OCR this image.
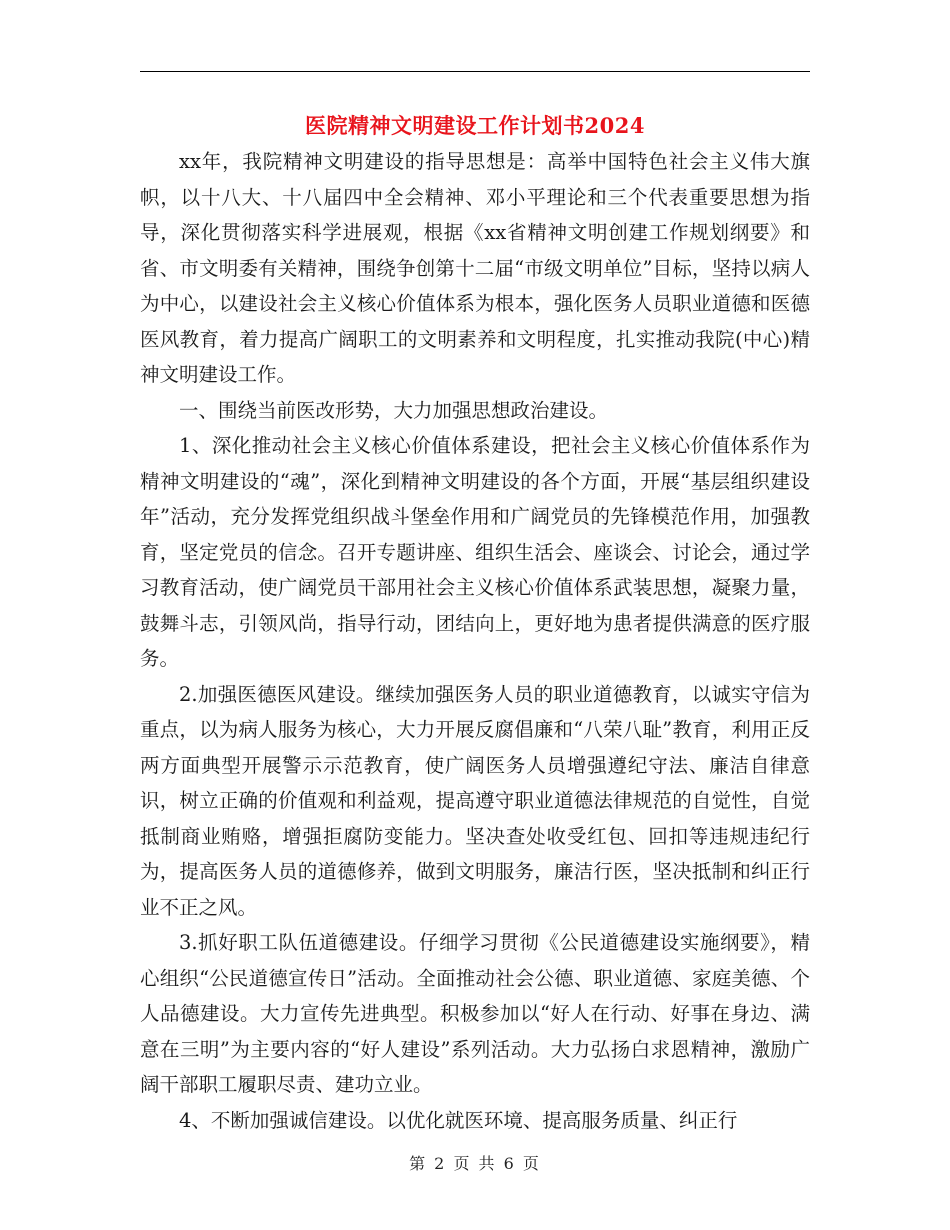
医院精神文明建设工作计划书2024

xx年，我院精神文明建设的指导思想是：高举中国特色社会主义伟大旗帜，以十八大、十八届四中全会精神、邓小平理论和三个代表重要思想为指导，深化贯彻落实科学进展观，根据《xx省精神文明创建工作规划纲要》和省、市文明委有关精神，围绕争创第十二届“市级文明单位”目标，坚持以病人为中心，以建设社会主义核心价值体系为根本，强化医务人员职业道德和医德医风教育，着力提高广阔职工的文明素养和文明程度，扎实推动我院(中心)精神文明建设工作。

一、围绕当前医改形势，大力加强思想政治建设。

1、深化推动社会主义核心价值体系建设，把社会主义核心价值体系作为精神文明建设的“魂”，深化到精神文明建设的各个方面，开展“基层组织建设年”活动，充分发挥党组织战斗堡垒作用和广阔党员的先锋模范作用，加强教育，坚定党员的信念。召开专题讲座、组织生活会、座谈会、讨论会，通过学习教育活动，使广阔党员干部用社会主义核心价值体系武装思想，凝聚力量，鼓舞斗志，引领风尚，指导行动，团结向上，更好地为患者提供满意的医疗服务。

2.加强医德医风建设。继续加强医务人员的职业道德教育，以诚实守信为重点，以为病人服务为核心，大力开展反腐倡廉和“八荣八耻”教育，利用正反两方面典型开展警示示范教育，使广阔医务人员增强遵纪守法、廉洁自律意识，树立正确的价值观和利益观，提高遵守职业道德法律规范的自觉性，自觉抵制商业贿赂，增强拒腐防变能力。坚决查处收受红包、回扣等违规违纪行为，提高医务人员的道德修养，做到文明服务，廉洁行医，坚决抵制和纠正行业不正之风。

3.抓好职工队伍道德建设。仔细学习贯彻《公民道德建设实施纲要》，精心组织“公民道德宣传日”活动。全面推动社会公德、职业道德、家庭美德、个人品德建设。大力宣传先进典型。积极参加以“好人在行动、好事在身边、满意在三明”为主要内容的“好人建设”系列活动。大力弘扬白求恩精神，激励广阔干部职工履职尽责、建功立业。

4、不断加强诚信建设。以优化就医环境、提高服务质量、纠正行

第 2 页 共 6 页
